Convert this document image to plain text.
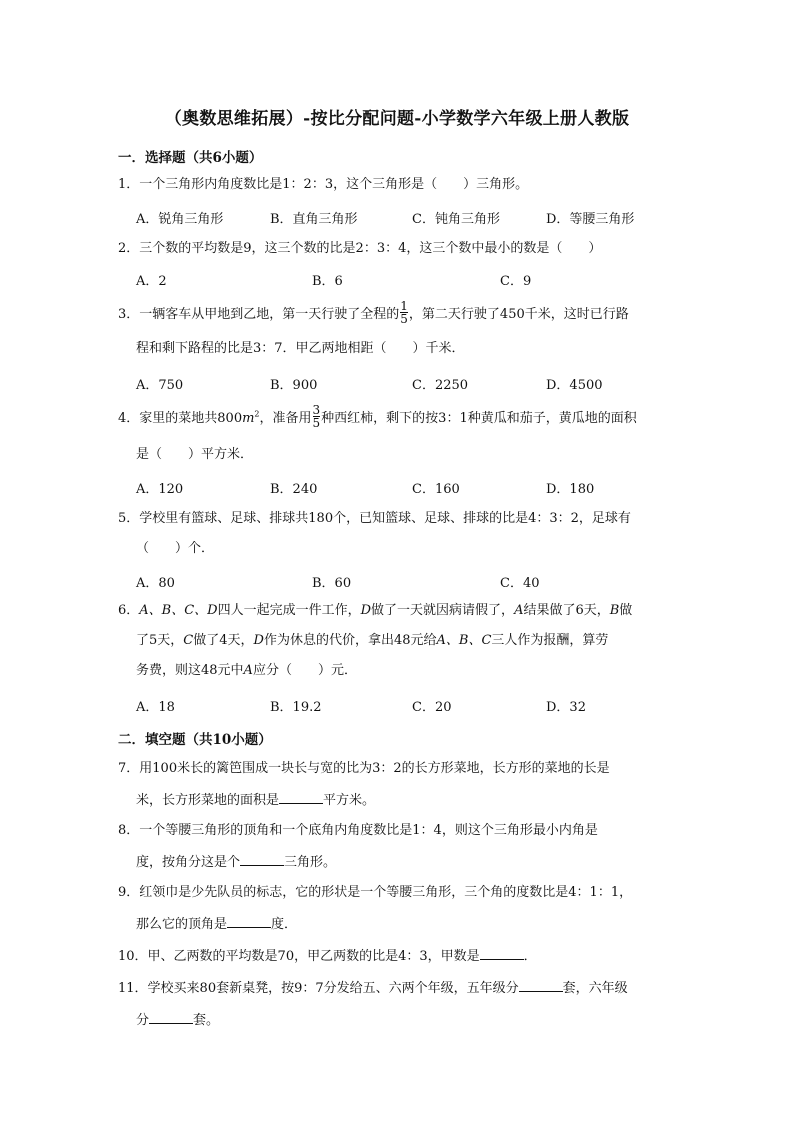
（奥数思维拓展）-按比分配问题-小学数学六年级上册人教版
一．选择题（共6小题）
1．一个三角形内角度数比是1：2：3，这个三角形是（　　）三角形。
A．锐角三角形	B．直角三角形	C．钝角三角形	D．等腰三角形
2．三个数的平均数是9，这三个数的比是2：3：4，这三个数中最小的数是（　　）
A．2	B．6	C．9
3．一辆客车从甲地到乙地，第一天行驶了全程的 $\frac{1}{5}$ ，第二天行驶了450千米，这时已行路
程和剩下路程的比是3：7．甲乙两地相距（　　）千米．
A．750	B．900	C．2250	D．4500
4．家里的菜地共$800m^2$，准备用 $\frac{3}{5}$ 种西红柿，剩下的按3：1种黄瓜和茄子，黄瓜地的面积
是（　　）平方米．
A．120	B．240	C．160	D．180
5．学校里有篮球、足球、排球共180个，已知篮球、足球、排球的比是4：3：2，足球有
（　　）个．
A．80	B．60	C．40
6．A、B、C、D四人一起完成一件工作，D做了一天就因病请假了，A结果做了6天，B做
了5天，C做了4天，D作为休息的代价，拿出48元给A、B、C三人作为报酬，算劳
务费，则这48元中A应分（　　）元．
A．18	B．19.2	C．20	D．32
二．填空题（共10小题）
7．用100米长的篱笆围成一块长与宽的比为3：2的长方形菜地，长方形的菜地的长是
米，长方形菜地的面积是	平方米。
8．一个等腰三角形的顶角和一个底角内角度数比是1：4，则这个三角形最小内角是
度，按角分这是个	三角形。
9．红领巾是少先队员的标志，它的形状是一个等腰三角形，三个角的度数比是4：1：1，
那么它的顶角是	度．
10．甲、乙两数的平均数是70，甲乙两数的比是4：3，甲数是	．
11．学校买来80套新桌凳，按9：7分发给五、六两个年级，五年级分	套，六年级
分	套。
